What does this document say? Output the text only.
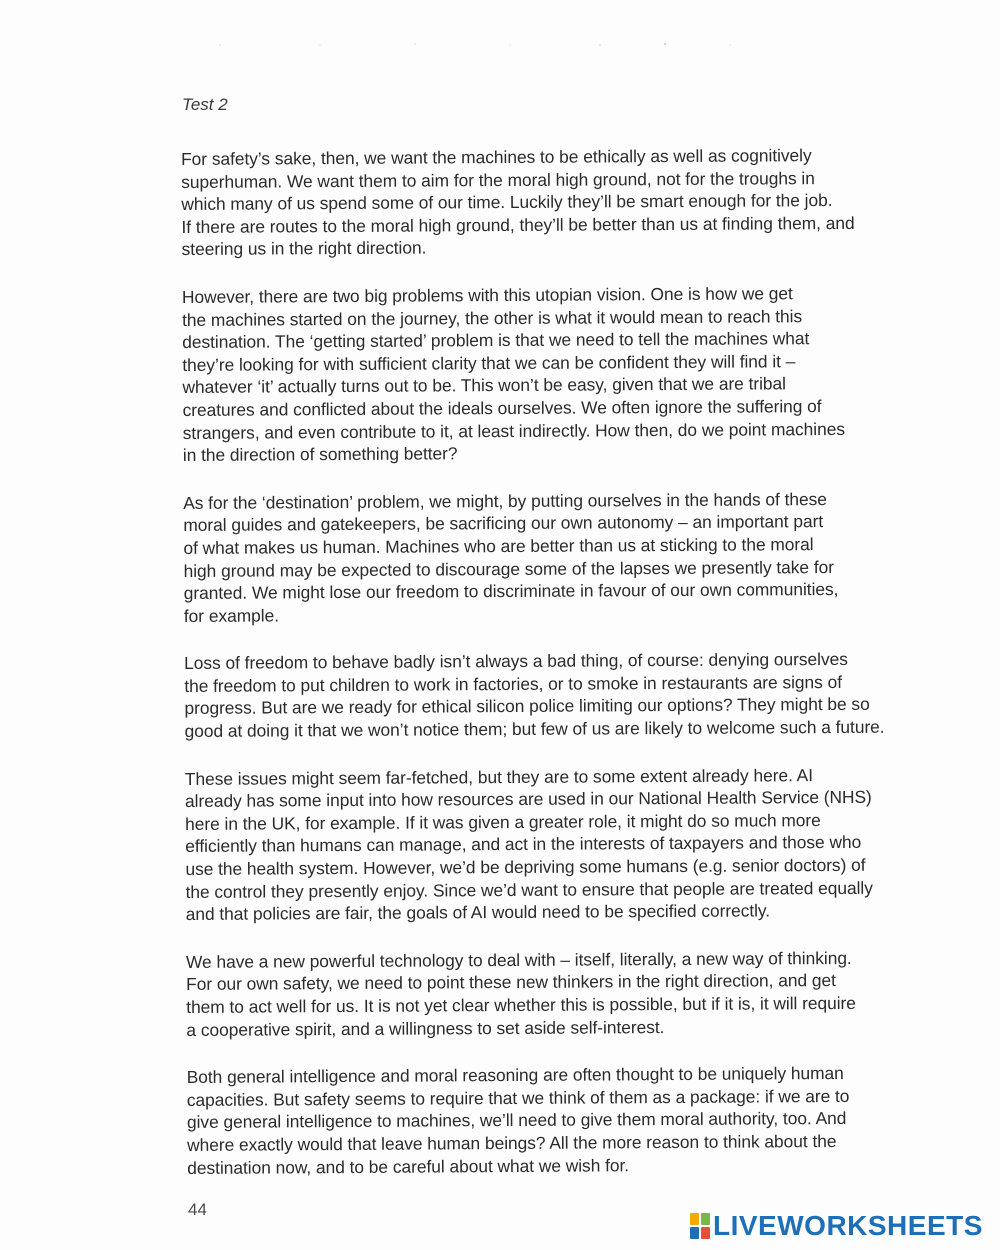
Test 2

For safety’s sake, then, we want the machines to be ethically as well as cognitively
superhuman. We want them to aim for the moral high ground, not for the troughs in
which many of us spend some of our time. Luckily they’ll be smart enough for the job.
If there are routes to the moral high ground, they’ll be better than us at finding them, and
steering us in the right direction.

However, there are two big problems with this utopian vision. One is how we get
the machines started on the journey, the other is what it would mean to reach this
destination. The ‘getting started’ problem is that we need to tell the machines what
they’re looking for with sufficient clarity that we can be confident they will find it –
whatever ‘it’ actually turns out to be. This won’t be easy, given that we are tribal
creatures and conflicted about the ideals ourselves. We often ignore the suffering of
strangers, and even contribute to it, at least indirectly. How then, do we point machines
in the direction of something better?

As for the ‘destination’ problem, we might, by putting ourselves in the hands of these
moral guides and gatekeepers, be sacrificing our own autonomy – an important part
of what makes us human. Machines who are better than us at sticking to the moral
high ground may be expected to discourage some of the lapses we presently take for
granted. We might lose our freedom to discriminate in favour of our own communities,
for example.

Loss of freedom to behave badly isn’t always a bad thing, of course: denying ourselves
the freedom to put children to work in factories, or to smoke in restaurants are signs of
progress. But are we ready for ethical silicon police limiting our options? They might be so
good at doing it that we won’t notice them; but few of us are likely to welcome such a future.

These issues might seem far-fetched, but they are to some extent already here. AI
already has some input into how resources are used in our National Health Service (NHS)
here in the UK, for example. If it was given a greater role, it might do so much more
efficiently than humans can manage, and act in the interests of taxpayers and those who
use the health system. However, we’d be depriving some humans (e.g. senior doctors) of
the control they presently enjoy. Since we’d want to ensure that people are treated equally
and that policies are fair, the goals of AI would need to be specified correctly.

We have a new powerful technology to deal with – itself, literally, a new way of thinking.
For our own safety, we need to point these new thinkers in the right direction, and get
them to act well for us. It is not yet clear whether this is possible, but if it is, it will require
a cooperative spirit, and a willingness to set aside self-interest.

Both general intelligence and moral reasoning are often thought to be uniquely human
capacities. But safety seems to require that we think of them as a package: if we are to
give general intelligence to machines, we’ll need to give them moral authority, too. And
where exactly would that leave human beings? All the more reason to think about the
destination now, and to be careful about what we wish for.

44
LIVEWORKSHEETS
